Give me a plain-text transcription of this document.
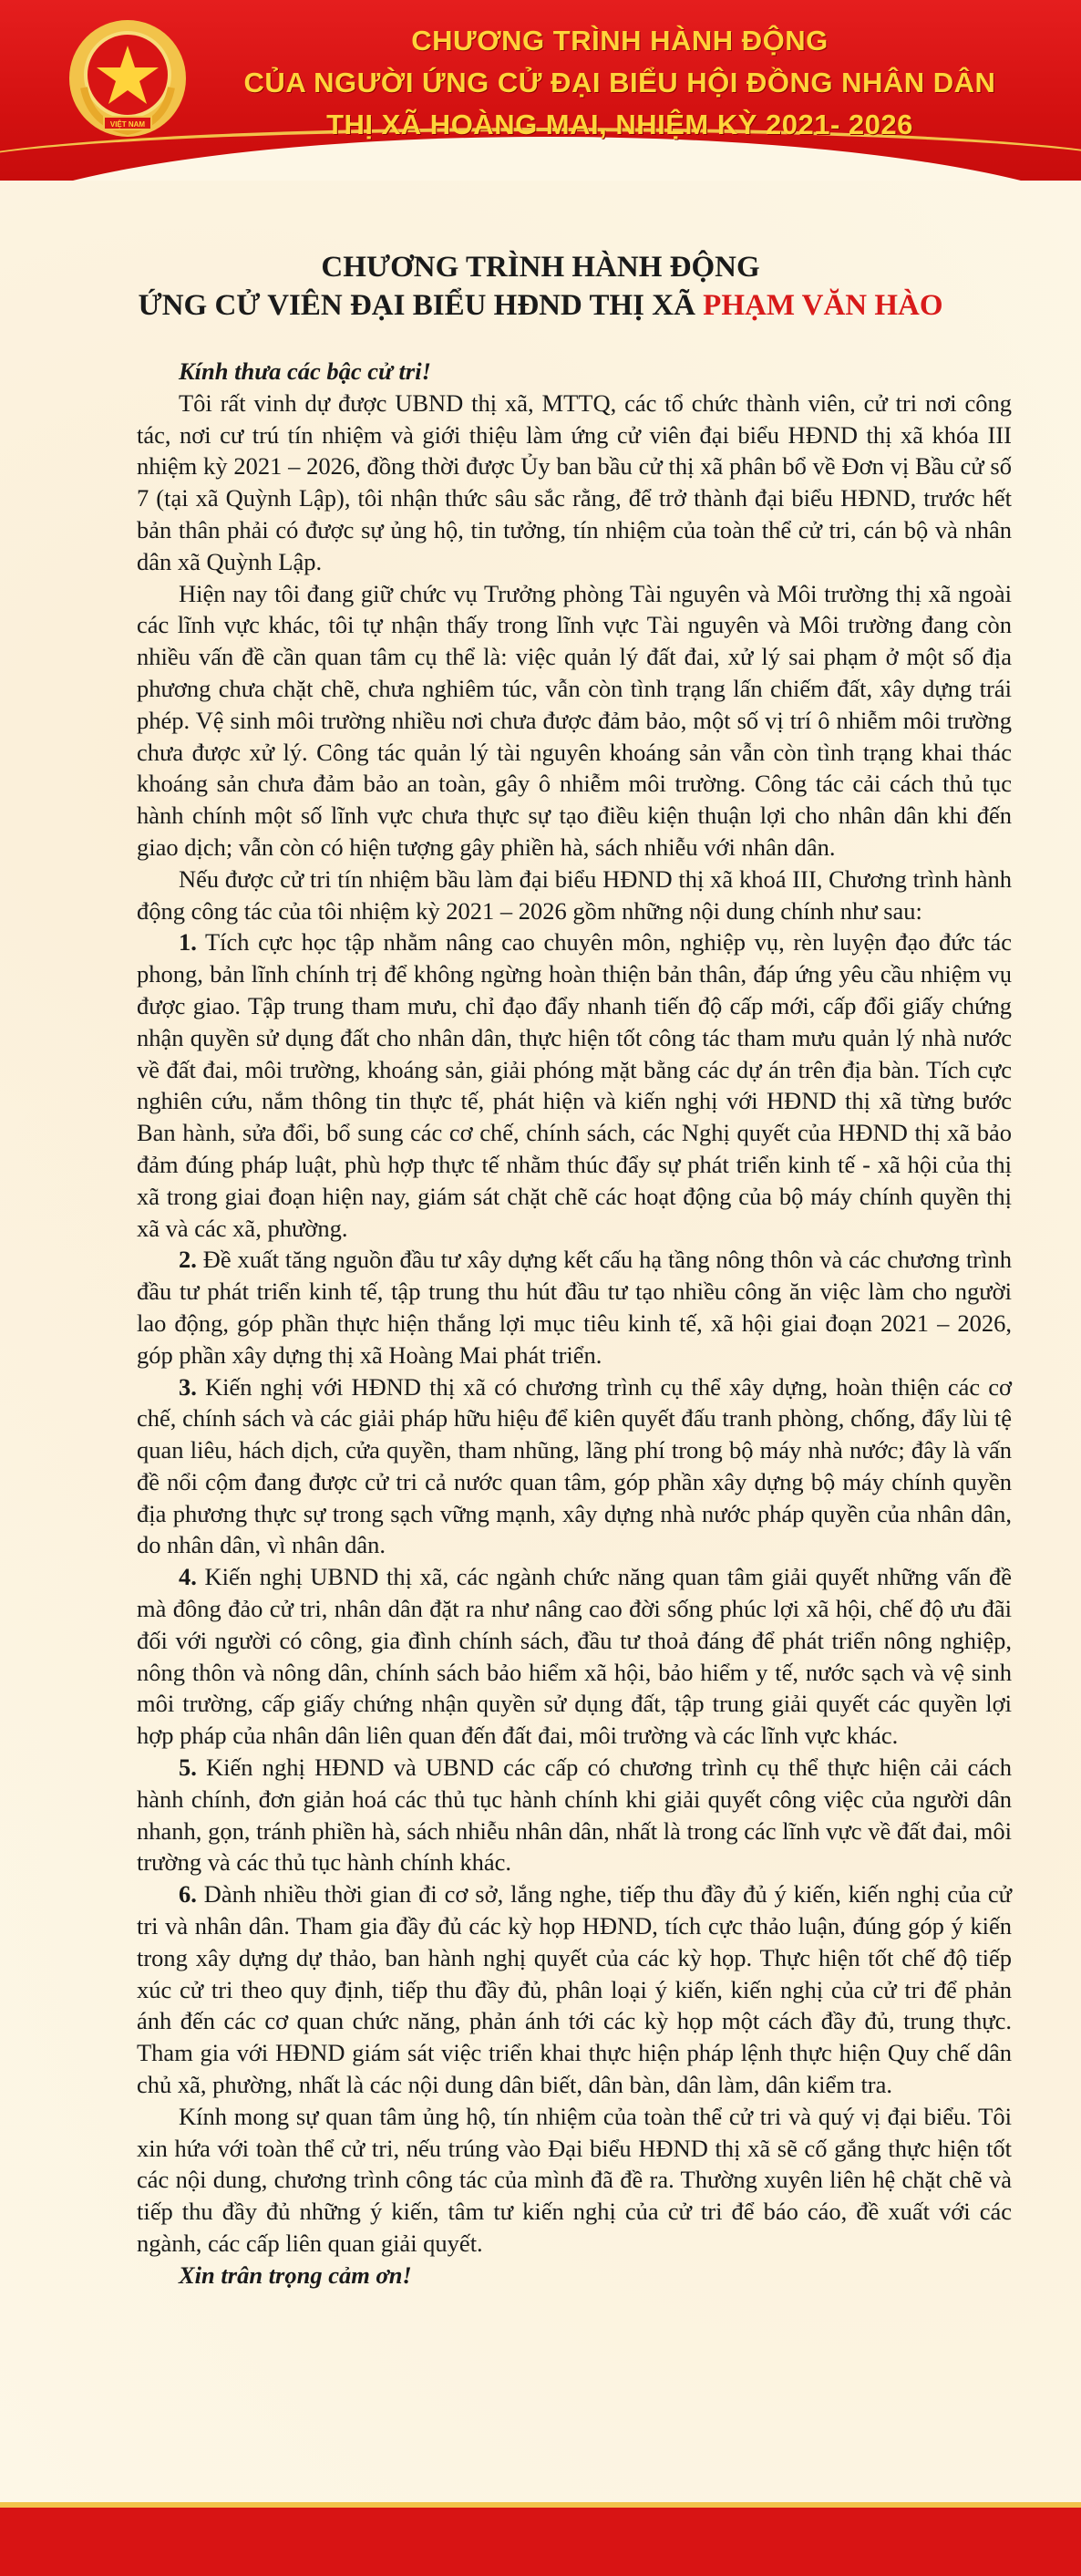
VIỆT NAM
CHƯƠNG TRÌNH HÀNH ĐỘNG
CỦA NGƯỜI ỨNG CỬ ĐẠI BIỂU HỘI ĐỒNG NHÂN DÂN
THỊ XÃ HOÀNG MAI, NHIỆM KỲ 2021- 2026
CHƯƠNG TRÌNH HÀNH ĐỘNG
ỨNG CỬ VIÊN ĐẠI BIỂU HĐND THỊ XÃ PHẠM VĂN HÀO

Kính thưa các bậc cử tri!

Tôi rất vinh dự được UBND thị xã, MTTQ, các tổ chức thành viên, cử tri nơi công tác, nơi cư trú tín nhiệm và giới thiệu làm ứng cử viên đại biểu HĐND thị xã khóa III nhiệm kỳ 2021 – 2026, đồng thời được Ủy ban bầu cử thị xã phân bổ về Đơn vị Bầu cử số 7 (tại xã Quỳnh Lập), tôi nhận thức sâu sắc rằng, để trở thành đại biểu HĐND, trước hết bản thân phải có được sự ủng hộ, tin tưởng, tín nhiệm của toàn thể cử tri, cán bộ và nhân dân xã Quỳnh Lập.

Hiện nay tôi đang giữ chức vụ Trưởng phòng Tài nguyên và Môi trường thị xã ngoài các lĩnh vực khác, tôi tự nhận thấy trong lĩnh vực Tài nguyên và Môi trường đang còn nhiều vấn đề cần quan tâm cụ thể là: việc quản lý đất đai, xử lý sai phạm ở một số địa phương chưa chặt chẽ, chưa nghiêm túc, vẫn còn tình trạng lấn chiếm đất, xây dựng trái phép. Vệ sinh môi trường nhiều nơi chưa được đảm bảo, một số vị trí ô nhiễm môi trường chưa được xử lý. Công tác quản lý tài nguyên khoáng sản vẫn còn tình trạng khai thác khoáng sản chưa đảm bảo an toàn, gây ô nhiễm môi trường. Công tác cải cách thủ tục hành chính một số lĩnh vực chưa thực sự tạo điều kiện thuận lợi cho nhân dân khi đến giao dịch; vẫn còn có hiện tượng gây phiền hà, sách nhiễu với nhân dân.

Nếu được cử tri tín nhiệm bầu làm đại biểu HĐND thị xã khoá III, Chương trình hành động công tác của tôi nhiệm kỳ 2021 – 2026 gồm những nội dung chính như sau:

1. Tích cực học tập nhằm nâng cao chuyên môn, nghiệp vụ, rèn luyện đạo đức tác phong, bản lĩnh chính trị để không ngừng hoàn thiện bản thân, đáp ứng yêu cầu nhiệm vụ được giao. Tập trung tham mưu, chỉ đạo đẩy nhanh tiến độ cấp mới, cấp đổi giấy chứng nhận quyền sử dụng đất cho nhân dân, thực hiện tốt công tác tham mưu quản lý nhà nước về đất đai, môi trường, khoáng sản, giải phóng mặt bằng các dự án trên địa bàn. Tích cực nghiên cứu, nắm thông tin thực tế, phát hiện và kiến nghị với HĐND thị xã từng bước Ban hành, sửa đổi, bổ sung các cơ chế, chính sách, các Nghị quyết của HĐND thị xã bảo đảm đúng pháp luật, phù hợp thực tế nhằm thúc đẩy sự phát triển kinh tế - xã hội của thị xã trong giai đoạn hiện nay, giám sát chặt chẽ các hoạt động của bộ máy chính quyền thị xã và các xã, phường.

2. Đề xuất tăng nguồn đầu tư xây dựng kết cấu hạ tầng nông thôn và các chương trình đầu tư phát triển kinh tế, tập trung thu hút đầu tư tạo nhiều công ăn việc làm cho người lao động, góp phần thực hiện thắng lợi mục tiêu kinh tế, xã hội giai đoạn 2021 – 2026, góp phần xây dựng thị xã Hoàng Mai phát triển.

3. Kiến nghị với HĐND thị xã có chương trình cụ thể xây dựng, hoàn thiện các cơ chế, chính sách và các giải pháp hữu hiệu để kiên quyết đấu tranh phòng, chống, đẩy lùi tệ quan liêu, hách dịch, cửa quyền, tham nhũng, lãng phí trong bộ máy nhà nước; đây là vấn đề nổi cộm đang được cử tri cả nước quan tâm, góp phần xây dựng bộ máy chính quyền địa phương thực sự trong sạch vững mạnh, xây dựng nhà nước pháp quyền của nhân dân, do nhân dân, vì nhân dân.

4. Kiến nghị UBND thị xã, các ngành chức năng quan tâm giải quyết những vấn đề mà đông đảo cử tri, nhân dân đặt ra như nâng cao đời sống phúc lợi xã hội, chế độ ưu đãi đối với người có công, gia đình chính sách, đầu tư thoả đáng để phát triển nông nghiệp, nông thôn và nông dân, chính sách bảo hiểm xã hội, bảo hiểm y tế, nước sạch và vệ sinh môi trường, cấp giấy chứng nhận quyền sử dụng đất, tập trung giải quyết các quyền lợi hợp pháp của nhân dân liên quan đến đất đai, môi trường và các lĩnh vực khác.

5. Kiến nghị HĐND và UBND các cấp có chương trình cụ thể thực hiện cải cách hành chính, đơn giản hoá các thủ tục hành chính khi giải quyết công việc của người dân nhanh, gọn, tránh phiền hà, sách nhiễu nhân dân, nhất là trong các lĩnh vực về đất đai, môi trường và các thủ tục hành chính khác.

6. Dành nhiều thời gian đi cơ sở, lắng nghe, tiếp thu đầy đủ ý kiến, kiến nghị của cử tri và nhân dân. Tham gia đầy đủ các kỳ họp HĐND, tích cực thảo luận, đúng góp ý kiến trong xây dựng dự thảo, ban hành nghị quyết của các kỳ họp. Thực hiện tốt chế độ tiếp xúc cử tri theo quy định, tiếp thu đầy đủ, phân loại ý kiến, kiến nghị của cử tri để phản ánh đến các cơ quan chức năng, phản ánh tới các kỳ họp một cách đầy đủ, trung thực. Tham gia với HĐND giám sát việc triển khai thực hiện pháp lệnh thực hiện Quy chế dân chủ xã, phường, nhất là các nội dung dân biết, dân bàn, dân làm, dân kiểm tra.

Kính mong sự quan tâm ủng hộ, tín nhiệm của toàn thể cử tri và quý vị đại biểu. Tôi xin hứa với toàn thể cử tri, nếu trúng vào Đại biểu HĐND thị xã sẽ cố gắng thực hiện tốt các nội dung, chương trình công tác của mình đã đề ra. Thường xuyên liên hệ chặt chẽ và tiếp thu đầy đủ những ý kiến, tâm tư kiến nghị của cử tri để báo cáo, đề xuất với các ngành, các cấp liên quan giải quyết.

Xin trân trọng cảm ơn!
